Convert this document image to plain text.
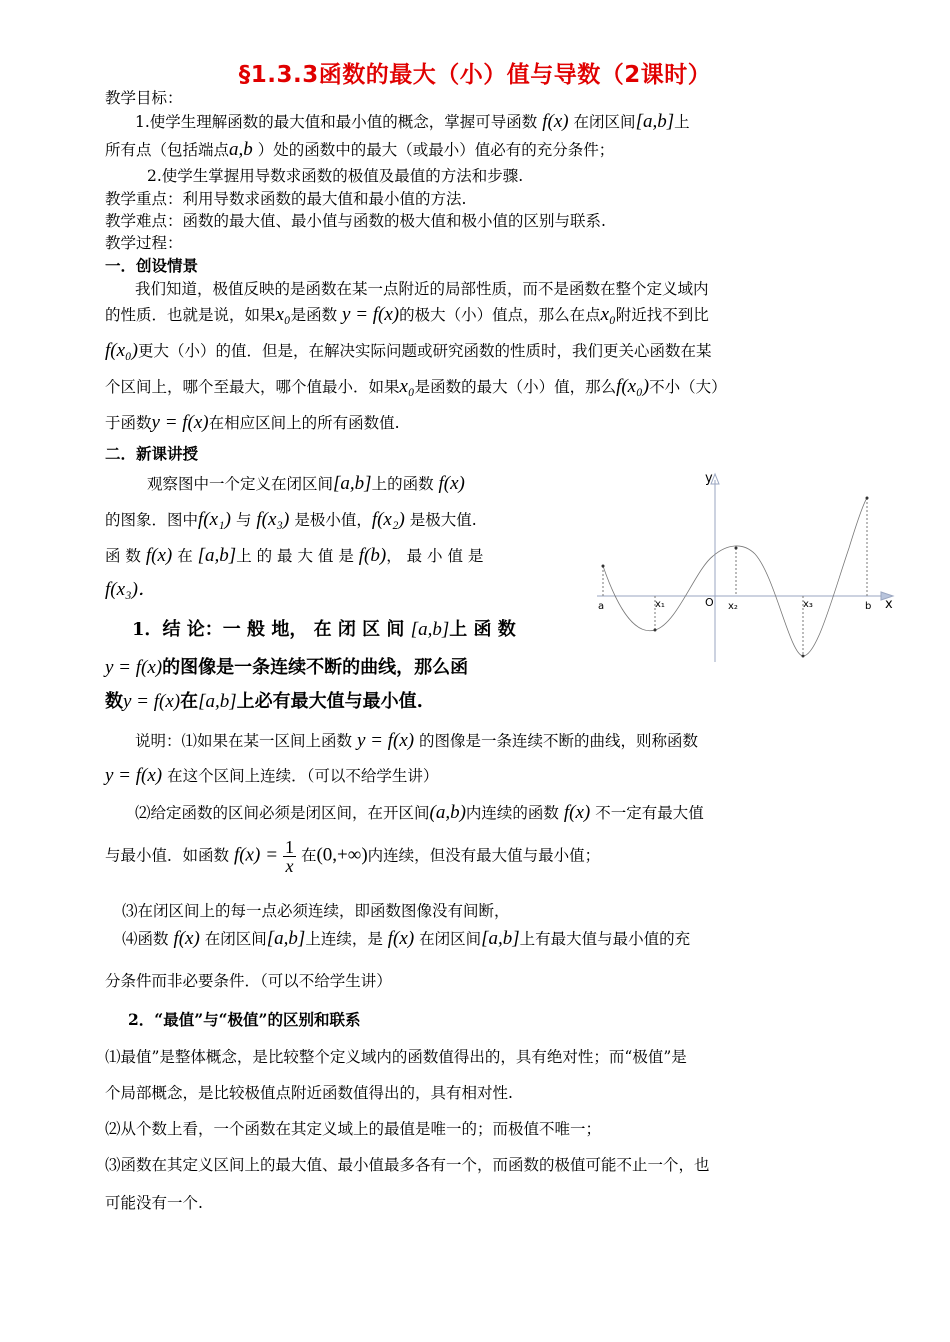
§1.3.3函数的最大（小）值与导数（2课时）
教学目标：
1.使学生理解函数的最大值和最小值的概念，掌握可导函数 f(x) 在闭区间[a,b]上
所有点（包括端点a,b ）处的函数中的最大（或最小）值必有的充分条件；
2.使学生掌握用导数求函数的极值及最值的方法和步骤.
教学重点：利用导数求函数的最大值和最小值的方法.
教学难点：函数的最大值、最小值与函数的极大值和极小值的区别与联系.
教学过程：
一．创设情景
我们知道，极值反映的是函数在某一点附近的局部性质，而不是函数在整个定义域内
的性质．也就是说，如果x₀是函数 y = f(x)的极大（小）值点，那么在点x₀附近找不到比
f(x₀)更大（小）的值．但是，在解决实际问题或研究函数的性质时，我们更关心函数在某
个区间上，哪个至最大，哪个值最小．如果x₀是函数的最大（小）值，那么f(x₀)不小（大）
于函数y = f(x)在相应区间上的所有函数值.
二．新课讲授
观察图中一个定义在闭区间[a,b]上的函数 f(x)
的图象．图中f(x₁) 与 f(x₃) 是极小值，f(x₂) 是极大值.
函 数 f(x) 在 [a,b]上 的 最 大 值 是 f(b)， 最 小 值 是
f(x₃)．
1．结 论：一 般 地， 在 闭 区 间 [a,b]上 函 数
y = f(x)的图像是一条连续不断的曲线，那么函
数y = f(x)在[a,b]上必有最大值与最小值.
说明：⑴如果在某一区间上函数 y = f(x) 的图像是一条连续不断的曲线，则称函数
y = f(x) 在这个区间上连续．（可以不给学生讲）
⑵给定函数的区间必须是闭区间，在开区间(a,b)内连续的函数 f(x) 不一定有最大值
与最小值．如函数 $f(x) = \frac{1}{x}$ 在(0,+∞)内连续，但没有最大值与最小值；
⑶在闭区间上的每一点必须连续，即函数图像没有间断，
⑷函数 f(x) 在闭区间[a,b]上连续，是 f(x) 在闭区间[a,b]上有最大值与最小值的充
分条件而非必要条件．（可以不给学生讲）
2．“最值”与“极值”的区别和联系
⑴最值”是整体概念，是比较整个定义域内的函数值得出的，具有绝对性；而“极值”是
个局部概念，是比较极值点附近函数值得出的，具有相对性.
⑵从个数上看，一个函数在其定义域上的最值是唯一的；而极值不唯一；
⑶函数在其定义区间上的最大值、最小值最多各有一个，而函数的极值可能不止一个，也
可能没有一个.
y
x
O
a	x₁	x₂	x₃	b
